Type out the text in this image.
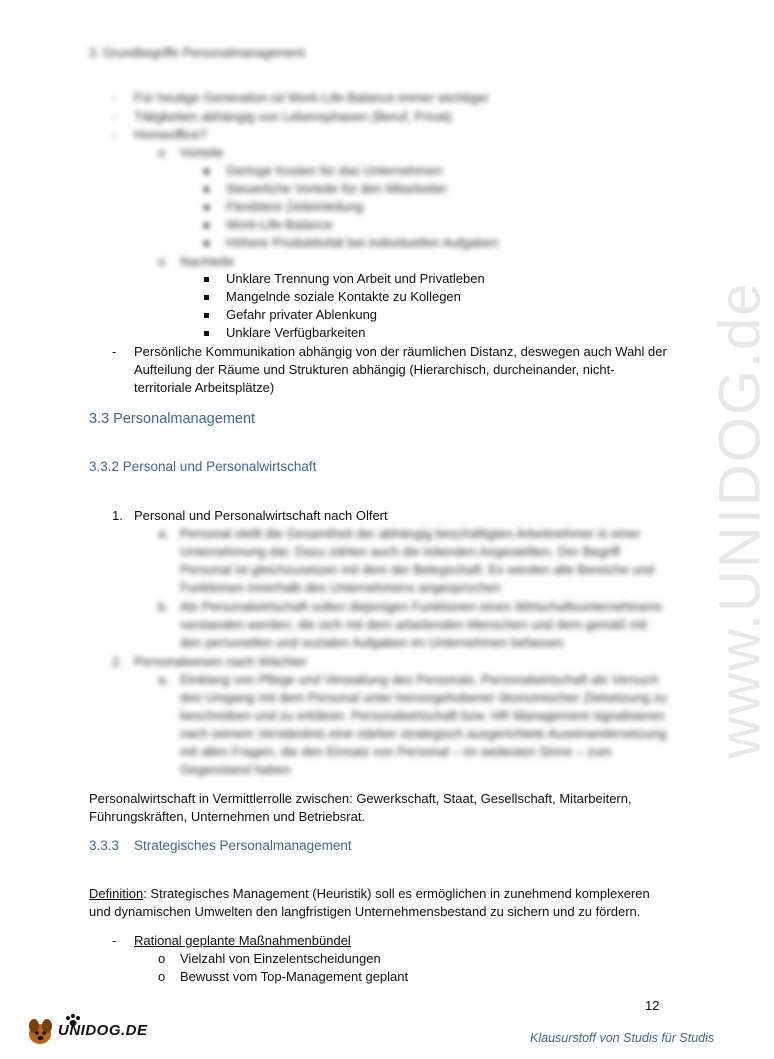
www.UNIDOG.de
3. Grundbegriffe Personalmanagement
- Für heutige Generation ist Work-Life-Balance immer wichtiger
- Tätigkeiten abhängig von Lebensphasen (Beruf, Privat)
- Homeoffice?
o Vorteile
Geringe Kosten für das Unternehmen
Steuerliche Vorteile für den Mitarbeiter
Flexiblere Zeiteinteilung
Work-Life-Balance
Höhere Produktivität bei individuellen Aufgaben
o Nachteile
Unklare Trennung von Arbeit und Privatleben
Mangelnde soziale Kontakte zu Kollegen
Gefahr privater Ablenkung
Unklare Verfügbarkeiten
- Persönliche Kommunikation abhängig von der räumlichen Distanz, deswegen auch Wahl der
Aufteilung der Räume und Strukturen abhängig (Hierarchisch, durcheinander, nicht-
territoriale Arbeitsplätze)
3.3 Personalmanagement
3.3.2 Personal und Personalwirtschaft
1. Personal und Personalwirtschaft nach Olfert
a. Personal stellt die Gesamtheit der abhängig beschäftigten Arbeitnehmer in einer
Unternehmung dar. Dazu zählen auch die leitenden Angestellten. Der Begriff
Personal ist gleichzusetzen mit dem der Belegschaft. Es werden alle Bereiche und
Funktionen innerhalb des Unternehmens angesprochen
b. Als Personalwirtschaft sollen diejenigen Funktionen eines Wirtschaftsunternehmens
verstanden werden, die sich mit dem arbeitenden Menschen und dem gemäß mit
den personellen und sozialen Aufgaben im Unternehmen befassen
2. Personalwesen nach Wächter
a. Einklang von Pflege und Verwaltung des Personals. Personalwirtschaft als Versuch
den Umgang mit dem Personal unter hervorgehobener ökonomischer Zielsetzung zu
beschreiben und zu erklären. Personalwirtschaft bzw. HR Management signalisieren
nach seinem Verständnis eine stärker strategisch ausgerichtete Auseinandersetzung
mit allen Fragen, die den Einsatz von Personal – im weitesten Sinne – zum
Gegenstand haben
Personalwirtschaft in Vermittlerrolle zwischen: Gewerkschaft, Staat, Gesellschaft, Mitarbeitern,
Führungskräften, Unternehmen und Betriebsrat.
3.3.3 Strategisches Personalmanagement
Definition: Strategisches Management (Heuristik) soll es ermöglichen in zunehmend komplexeren
und dynamischen Umwelten den langfristigen Unternehmensbestand zu sichern und zu fördern.
- Rational geplante Maßnahmenbündel
o Vielzahl von Einzelentscheidungen
o Bewusst vom Top-Management geplant
12
UNIDOG.DE	Klausurstoff von Studis für Studis
